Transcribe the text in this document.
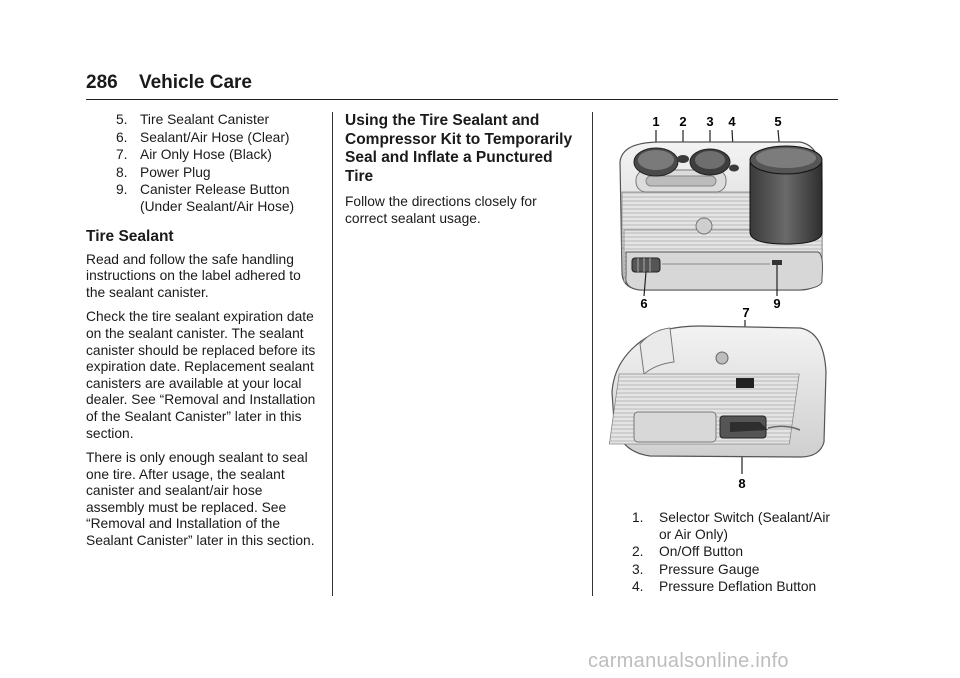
286 Vehicle Care
5. Tire Sealant Canister
6. Sealant/Air Hose (Clear)
7. Air Only Hose (Black)
8. Power Plug
9. Canister Release Button (Under Sealant/Air Hose)
Tire Sealant

Read and follow the safe handling instructions on the label adhered to the sealant canister.

Check the tire sealant expiration date on the sealant canister. The sealant canister should be replaced before its expiration date. Replacement sealant canisters are available at your local dealer. See “Removal and Installation of the Sealant Canister” later in this section.

There is only enough sealant to seal one tire. After usage, the sealant canister and sealant/air hose assembly must be replaced. See “Removal and Installation of the Sealant Canister” later in this section.

Using the Tire Sealant and Compressor Kit to Temporarily Seal and Inflate a Punctured Tire

Follow the directions closely for correct sealant usage.

1 2 3 4	5
6	9
7
8
1. Selector Switch (Sealant/Air or Air Only)
2. On/Off Button
3. Pressure Gauge
4. Pressure Deflation Button
carmanualsonline.info
